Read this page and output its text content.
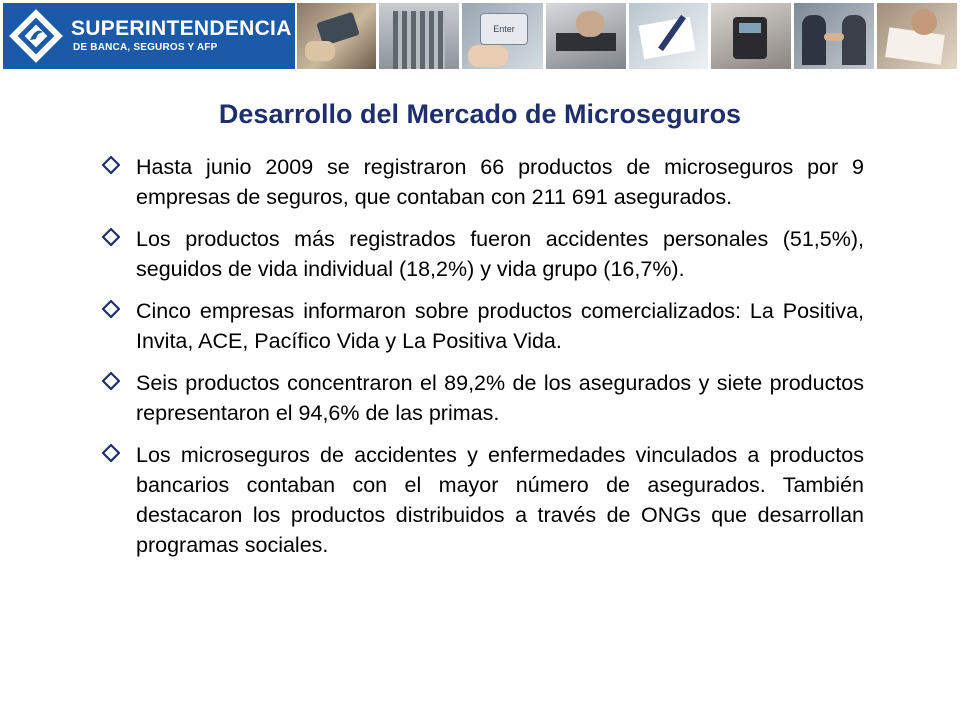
SUPERINTENDENCIA
DE BANCA, SEGUROS Y AFP
Enter
Desarrollo del Mercado de Microseguros
Hasta junio 2009 se registraron 66 productos de microseguros por 9 empresas de seguros, que contaban con 211 691 asegurados.
Los productos más registrados fueron accidentes personales (51,5%), seguidos de vida individual (18,2%) y vida grupo (16,7%).
Cinco empresas informaron sobre productos comercializados: La Positiva, Invita, ACE, Pacífico Vida y La Positiva Vida.
Seis productos concentraron el 89,2% de los asegurados y siete productos representaron el 94,6% de las primas.
Los microseguros de accidentes y enfermedades vinculados a productos bancarios contaban con el mayor número de asegurados. También destacaron los productos distribuidos a través de ONGs que desarrollan programas sociales.
